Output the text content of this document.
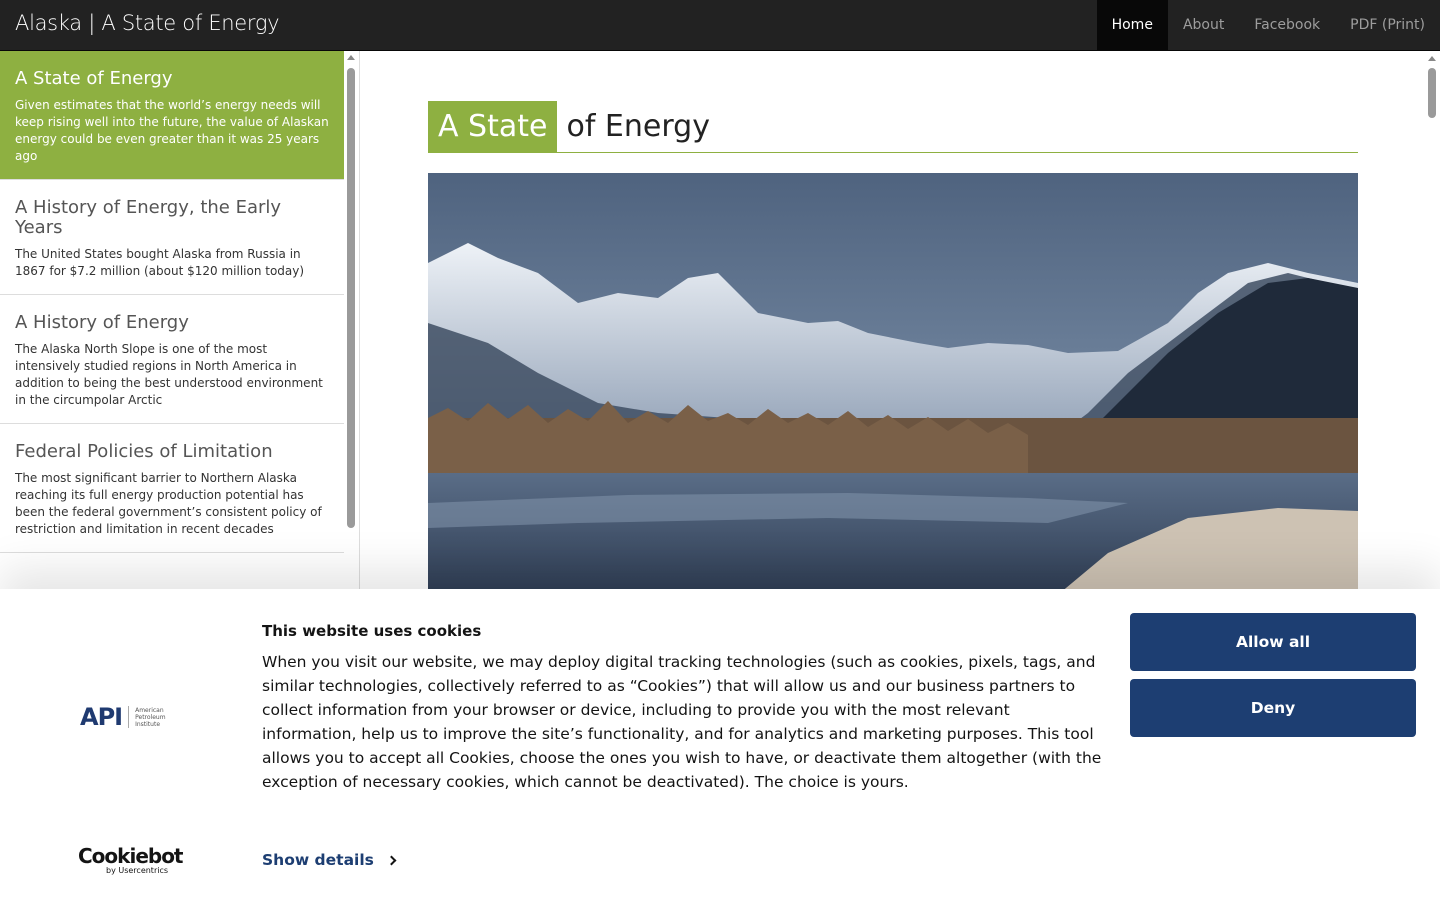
Alaska | A State of Energy	Home	About	Facebook	PDF (Print)
A State of Energy
Given estimates that the world’s energy needs will keep rising well into the future, the value of Alaskan energy could be even greater than it was 25 years ago
A History of Energy, the Early Years
The United States bought Alaska from Russia in 1867 for $7.2 million (about $120 million today)
A History of Energy
The Alaska North Slope is one of the most intensively studied regions in North America in addition to being the best understood environment in the circumpolar Arctic
Federal Policies of Limitation
The most significant barrier to Northern Alaska reaching its full energy production potential has been the federal government’s consistent policy of restriction and limitation in recent decades
A State of Energy
API American Petroleum Institute
Cookiebot
by Usercentrics
This website uses cookies
When you visit our website, we may deploy digital tracking technologies (such as cookies, pixels, tags, and similar technologies, collectively referred to as “Cookies”) that will allow us and our business partners to collect information from your browser or device, including to provide you with the most relevant information, help us to improve the site’s functionality, and for analytics and marketing purposes. This tool allows you to accept all Cookies, choose the ones you wish to have, or deactivate them altogether (with the exception of necessary cookies, which cannot be deactivated). The choice is yours.
Show details
Allow all
Deny
